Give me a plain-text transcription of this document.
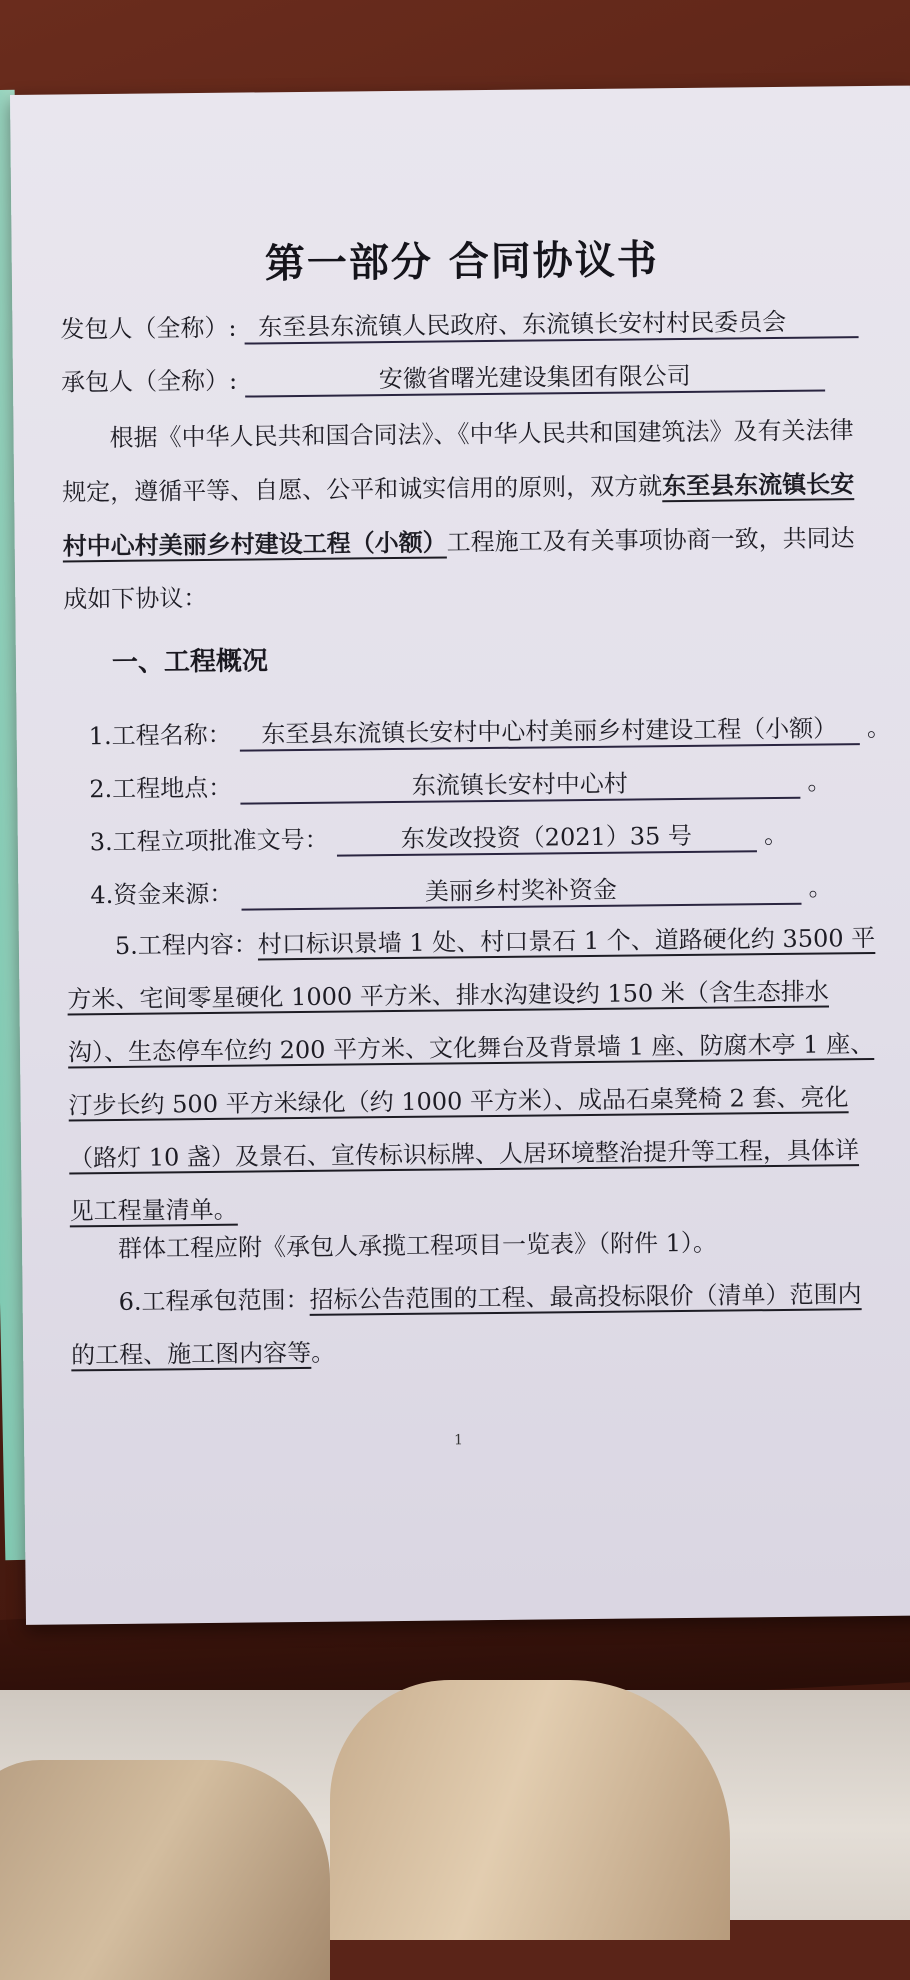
第一部分 合同协议书
发包人（全称）: 东至县东流镇人民政府、东流镇长安村村民委员会
承包人（全称）:	安徽省曙光建设集团有限公司
根据《中华人民共和国合同法》、《中华人民共和国建筑法》及有关法律规定，遵循平等、自愿、公平和诚实信用的原则，双方就东至县东流镇长安村中心村美丽乡村建设工程（小额）工程施工及有关事项协商一致，共同达成如下协议：
一、工程概况
1.工程名称： 东至县东流镇长安村中心村美丽乡村建设工程（小额） 。
2.工程地点：	东流镇长安村中心村	。
3.工程立项批准文号：	东发改投资（2021）35 号	。
4.资金来源：	美丽乡村奖补资金	。
5.工程内容：村口标识景墙 1 处、村口景石 1 个、道路硬化约 3500 平方米、宅间零星硬化 1000 平方米、排水沟建设约 150 米（含生态排水沟）、生态停车位约 200 平方米、文化舞台及背景墙 1 座、防腐木亭 1 座、汀步长约 500 平方米绿化（约 1000 平方米）、成品石桌凳椅 2 套、亮化（路灯 10 盏）及景石、宣传标识标牌、人居环境整治提升等工程，具体详见工程量清单。
群体工程应附《承包人承揽工程项目一览表》（附件 1）。
6.工程承包范围：招标公告范围的工程、最高投标限价（清单）范围内的工程、施工图内容等。
1
